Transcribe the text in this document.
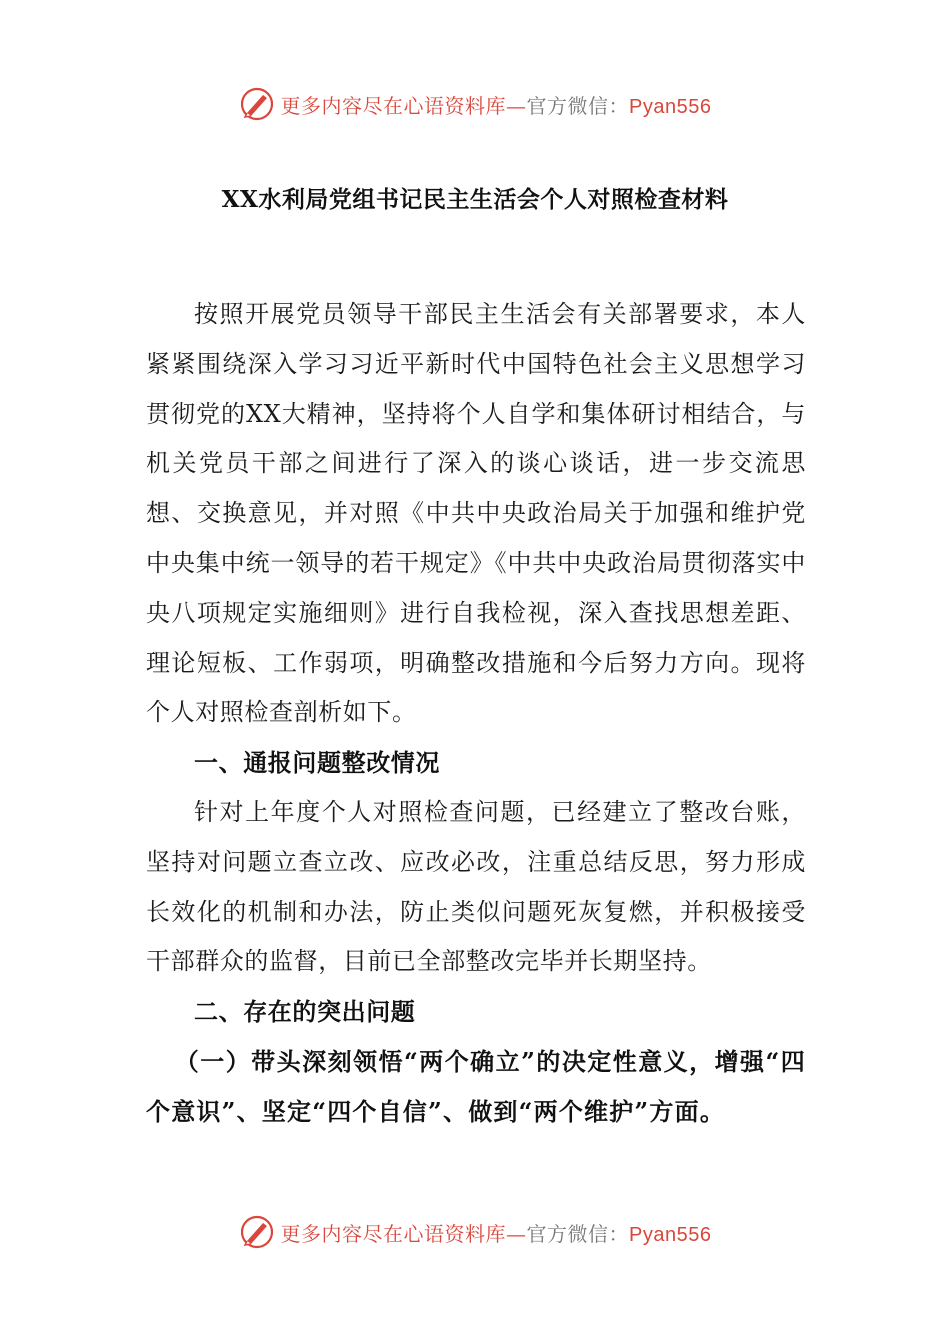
更多内容尽在心语资料库—官方微信：Pyan556
XX水利局党组书记民主生活会个人对照检查材料

按照开展党员领导干部民主生活会有关部署要求，本人紧紧围绕深入学习习近平新时代中国特色社会主义思想学习贯彻党的XX大精神，坚持将个人自学和集体研讨相结合，与机关党员干部之间进行了深入的谈心谈话，进一步交流思想、交换意见，并对照《中共中央政治局关于加强和维护党中央集中统一领导的若干规定》《中共中央政治局贯彻落实中央八项规定实施细则》进行自我检视，深入查找思想差距、理论短板、工作弱项，明确整改措施和今后努力方向。现将个人对照检查剖析如下。

一、通报问题整改情况

针对上年度个人对照检查问题，已经建立了整改台账，坚持对问题立查立改、应改必改，注重总结反思，努力形成长效化的机制和办法，防止类似问题死灰复燃，并积极接受干部群众的监督，目前已全部整改完毕并长期坚持。

二、存在的突出问题

（一）带头深刻领悟“两个确立”的决定性意义，增强“四个意识”、坚定“四个自信”、做到“两个维护”方面。

更多内容尽在心语资料库—官方微信：Pyan556
